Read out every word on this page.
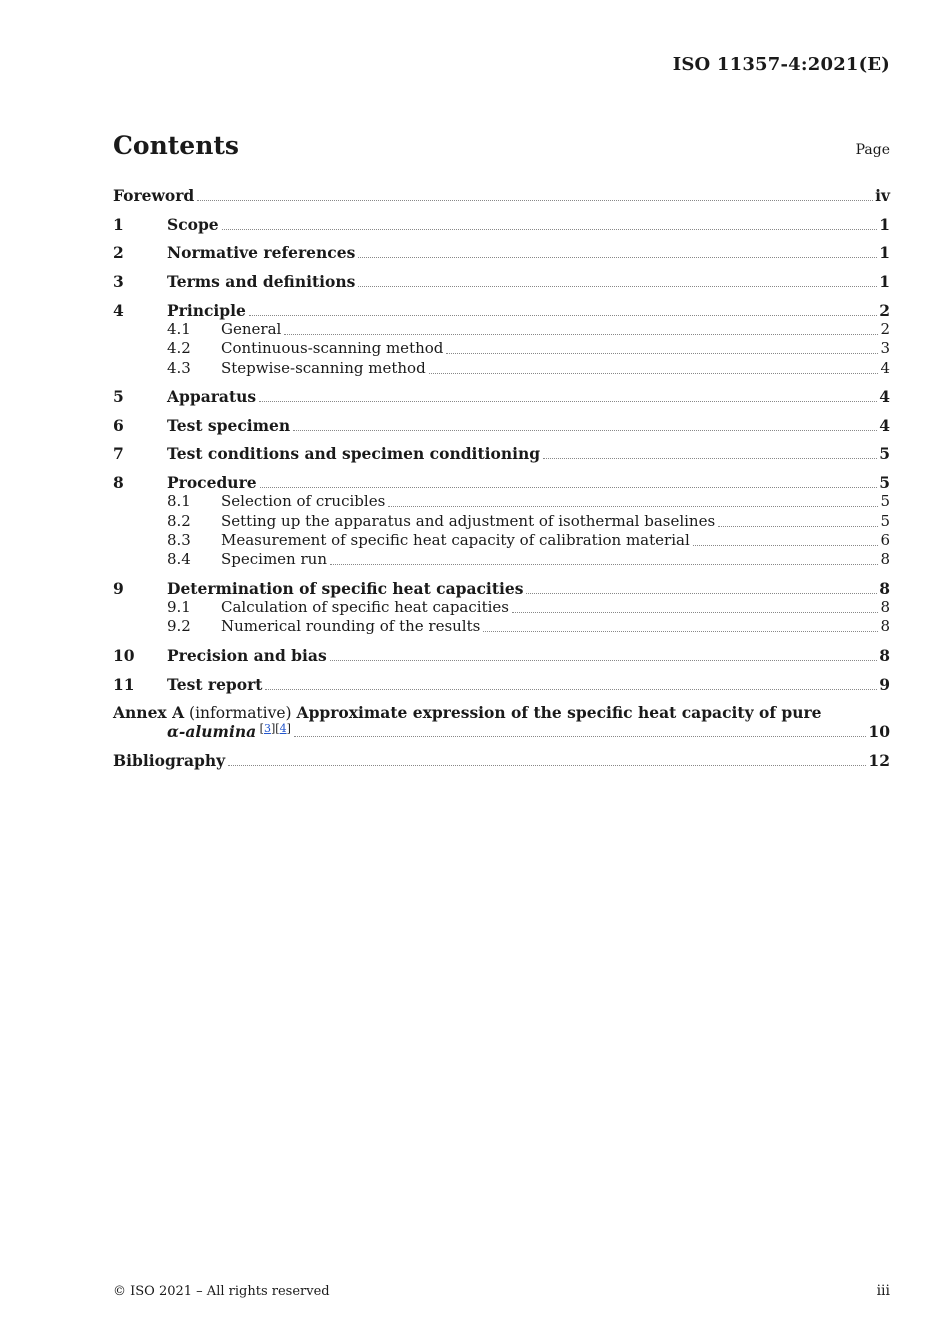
ISO 11357-4:2021(E)
Contents	Page
Foreword	iv
1	Scope	1
2	Normative references	1
3	Terms and definitions	1
4	Principle	2
4.1	General	2
4.2	Continuous-scanning method	3
4.3	Stepwise-scanning method	4
5	Apparatus	4
6	Test specimen	4
7	Test conditions and specimen conditioning	5
8	Procedure	5
8.1	Selection of crucibles	5
8.2	Setting up the apparatus and adjustment of isothermal baselines	5
8.3	Measurement of specific heat capacity of calibration material	6
8.4	Specimen run	8
9	Determination of specific heat capacities	8
9.1	Calculation of specific heat capacities	8
9.2	Numerical rounding of the results	8
10	Precision and bias	8
11	Test report	9
Annex A (informative) Approximate expression of the specific heat capacity of pure
α-alumina [3][4]	10
Bibliography	12
© ISO 2021 – All rights reserved	iii
